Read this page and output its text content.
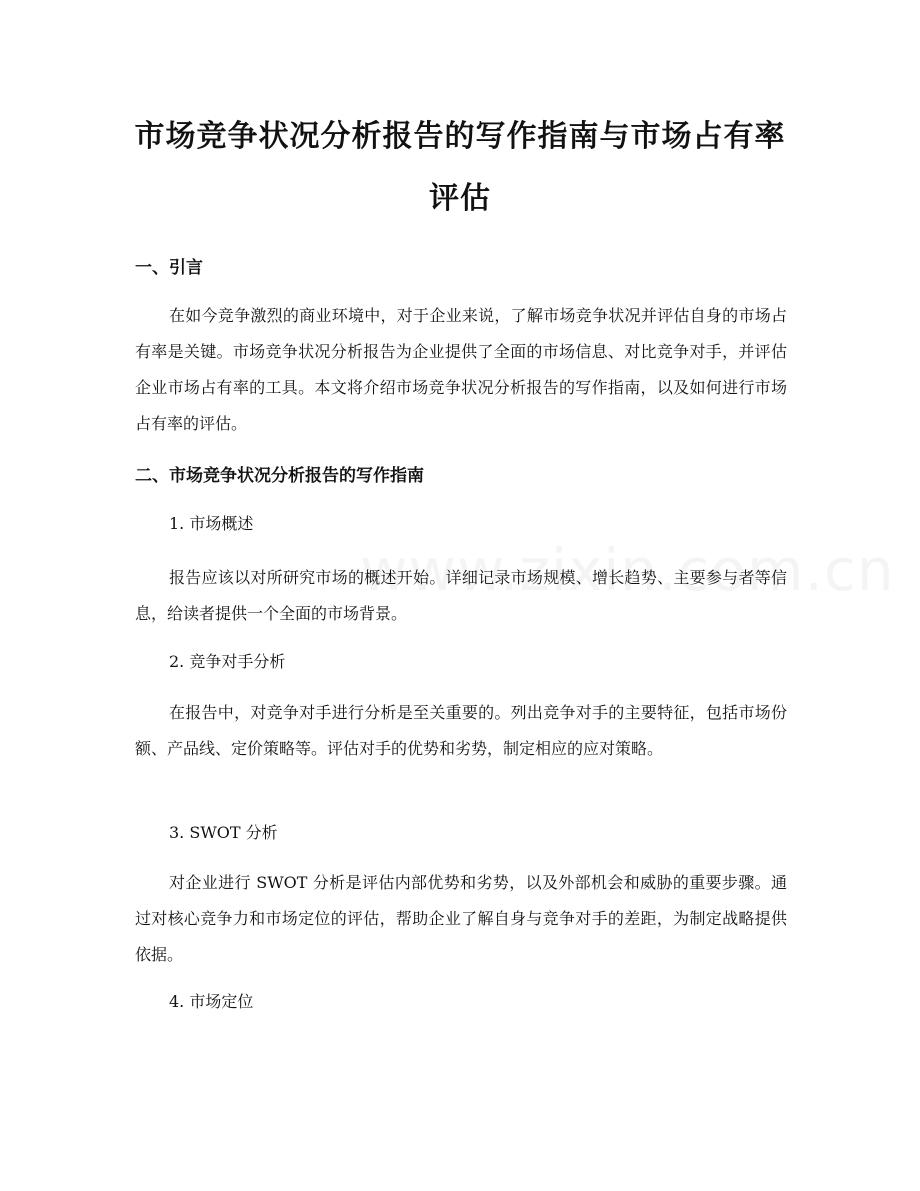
市场竞争状况分析报告的写作指南与市场占有率评估
一、引言

在如今竞争激烈的商业环境中，对于企业来说，了解市场竞争状况并评估自身的市场占有率是关键。市场竞争状况分析报告为企业提供了全面的市场信息、对比竞争对手，并评估企业市场占有率的工具。本文将介绍市场竞争状况分析报告的写作指南，以及如何进行市场占有率的评估。

二、市场竞争状况分析报告的写作指南

1. 市场概述

报告应该以对所研究市场的概述开始。详细记录市场规模、增长趋势、主要参与者等信息，给读者提供一个全面的市场背景。

2. 竞争对手分析

在报告中，对竞争对手进行分析是至关重要的。列出竞争对手的主要特征，包括市场份额、产品线、定价策略等。评估对手的优势和劣势，制定相应的应对策略。

3. SWOT 分析

对企业进行 SWOT 分析是评估内部优势和劣势，以及外部机会和威胁的重要步骤。通过对核心竞争力和市场定位的评估，帮助企业了解自身与竞争对手的差距，为制定战略提供依据。

4. 市场定位
